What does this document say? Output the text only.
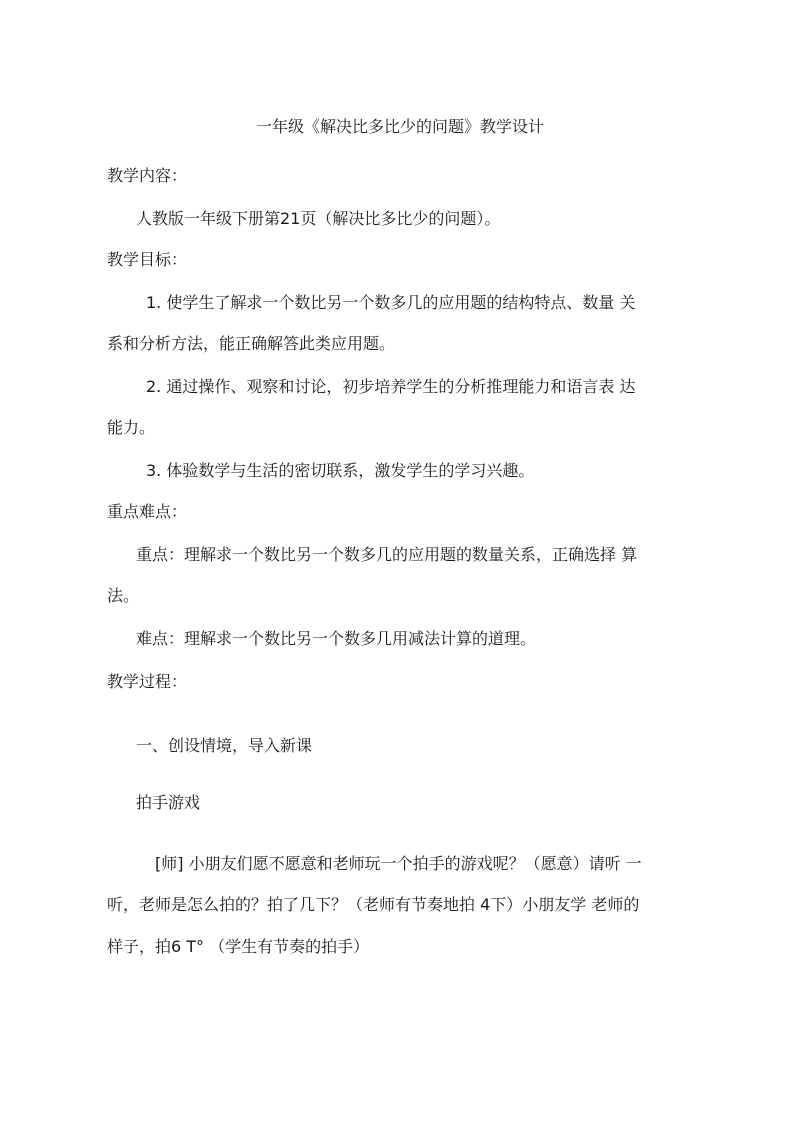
一年级《解决比多比少的问题》教学设计
教学内容：
人教版一年级下册第21页（解决比多比少的问题）。
教学目标：
1. 使学生了解求一个数比另一个数多几的应用题的结构特点、数量 关
系和分析方法，能正确解答此类应用题。
2. 通过操作、观察和讨论，初步培养学生的分析推理能力和语言表 达
能力。
3. 体验数学与生活的密切联系，激发学生的学习兴趣。
重点难点：
重点：理解求一个数比另一个数多几的应用题的数量关系，正确选择 算
法。
难点：理解求一个数比另一个数多几用减法计算的道理。
教学过程：
一、创设情境，导入新课
拍手游戏
[师] 小朋友们愿不愿意和老师玩一个拍手的游戏呢？（愿意）请听 一
听，老师是怎么拍的？拍了几下？（老师有节奏地拍 4下）小朋友学 老师的
样子，拍6 T° （学生有节奏的拍手）
